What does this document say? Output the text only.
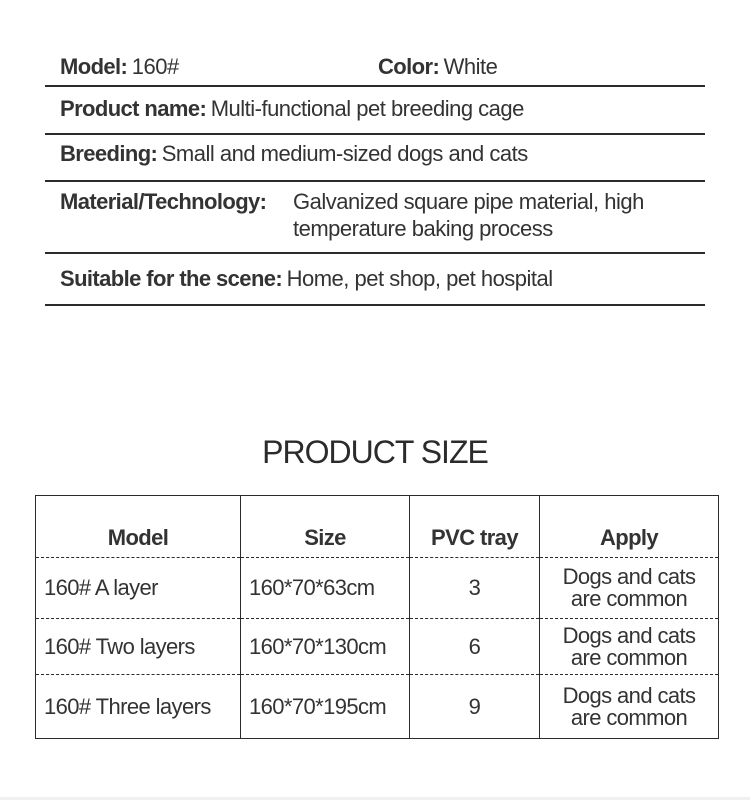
Model: 160#	Color: White
Product name: Multi-functional pet breeding cage
Breeding: Small and medium-sized dogs and cats
Material/Technology: Galvanized square pipe material, high
temperature baking process
Suitable for the scene: Home, pet shop, pet hospital
PRODUCT SIZE
Model	Size	PVC tray	Apply
160# A layer	160*70*63cm	3	Dogs and cats
are common

160# Two layers	160*70*130cm	6	Dogs and cats
are common

160# Three layers	160*70*195cm	9	Dogs and cats
are common
